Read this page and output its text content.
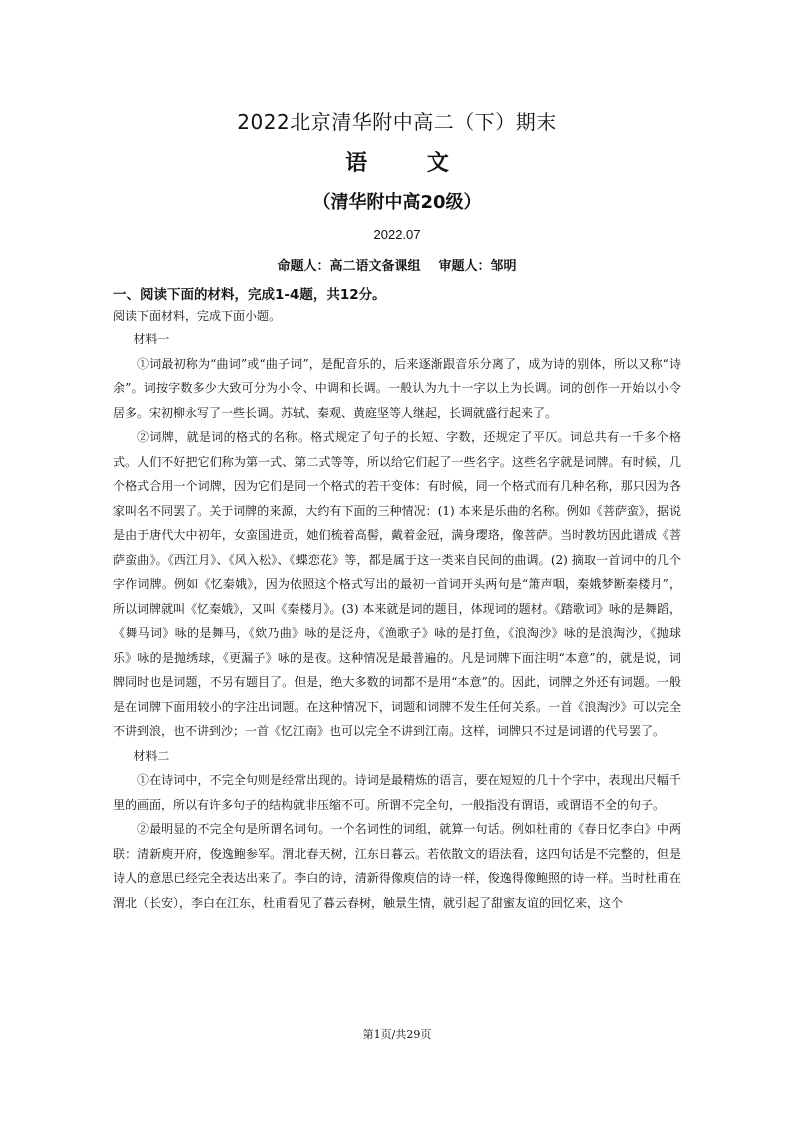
2022北京清华附中高二（下）期末
语 文
（清华附中高20级）
2022.07
命题人：高二语文备课组 审题人：邹明
一、阅读下面的材料，完成1-4题，共12分。
阅读下面材料，完成下面小题。

材料一

①词最初称为“曲词”或“曲子词”，是配音乐的，后来逐渐跟音乐分离了，成为诗的别体，所以又称“诗余”。词按字数多少大致可分为小令、中调和长调。一般认为九十一字以上为长调。词的创作一开始以小令居多。宋初柳永写了一些长调。苏轼、秦观、黄庭坚等人继起，长调就盛行起来了。

②词牌，就是词的格式的名称。格式规定了句子的长短、字数，还规定了平仄。词总共有一千多个格式。人们不好把它们称为第一式、第二式等等，所以给它们起了一些名字。这些名字就是词牌。有时候，几个格式合用一个词牌，因为它们是同一个格式的若干变体：有时候，同一个格式而有几种名称，那只因为各家叫名不同罢了。关于词牌的来源，大约有下面的三种情况：(1) 本来是乐曲的名称。例如《菩萨蛮》，据说是由于唐代大中初年，女蛮国进贡，她们梳着高髻，戴着金冠，满身璎珞，像菩萨。当时教坊因此谱成《菩萨蛮曲》。《西江月》、《风入松》、《蝶恋花》等，都是属于这一类来自民间的曲调。(2) 摘取一首词中的几个字作词牌。例如《忆秦娥》，因为依照这个格式写出的最初一首词开头两句是“箫声咽，秦娥梦断秦楼月”，所以词牌就叫《忆秦娥》，又叫《秦楼月》。(3) 本来就是词的题目，体现词的题材。《踏歌词》咏的是舞蹈，《舞马词》咏的是舞马，《欸乃曲》咏的是泛舟，《渔歌子》咏的是打鱼，《浪淘沙》咏的是浪淘沙，《抛球乐》咏的是抛绣球，《更漏子》咏的是夜。这种情况是最普遍的。凡是词牌下面注明“本意”的，就是说，词牌同时也是词题，不另有题目了。但是，绝大多数的词都不是用“本意”的。因此，词牌之外还有词题。一般是在词牌下面用较小的字注出词题。在这种情况下，词题和词牌不发生任何关系。一首《浪淘沙》可以完全不讲到浪，也不讲到沙；一首《忆江南》也可以完全不讲到江南。这样，词牌只不过是词谱的代号罢了。

材料二

①在诗词中，不完全句则是经常出现的。诗词是最精炼的语言，要在短短的几十个字中，表现出尺幅千里的画面，所以有许多句子的结构就非压缩不可。所谓不完全句，一般指没有谓语，或谓语不全的句子。

②最明显的不完全句是所谓名词句。一个名词性的词组，就算一句话。例如杜甫的《春日忆李白》中两联：清新庾开府，俊逸鲍参军。渭北春天树，江东日暮云。若依散文的语法看，这四句话是不完整的，但是诗人的意思已经完全表达出来了。李白的诗，清新得像庾信的诗一样，俊逸得像鲍照的诗一样。当时杜甫在渭北（长安），李白在江东，杜甫看见了暮云春树，触景生情，就引起了甜蜜友谊的回忆来，这个

第1页/共29页
